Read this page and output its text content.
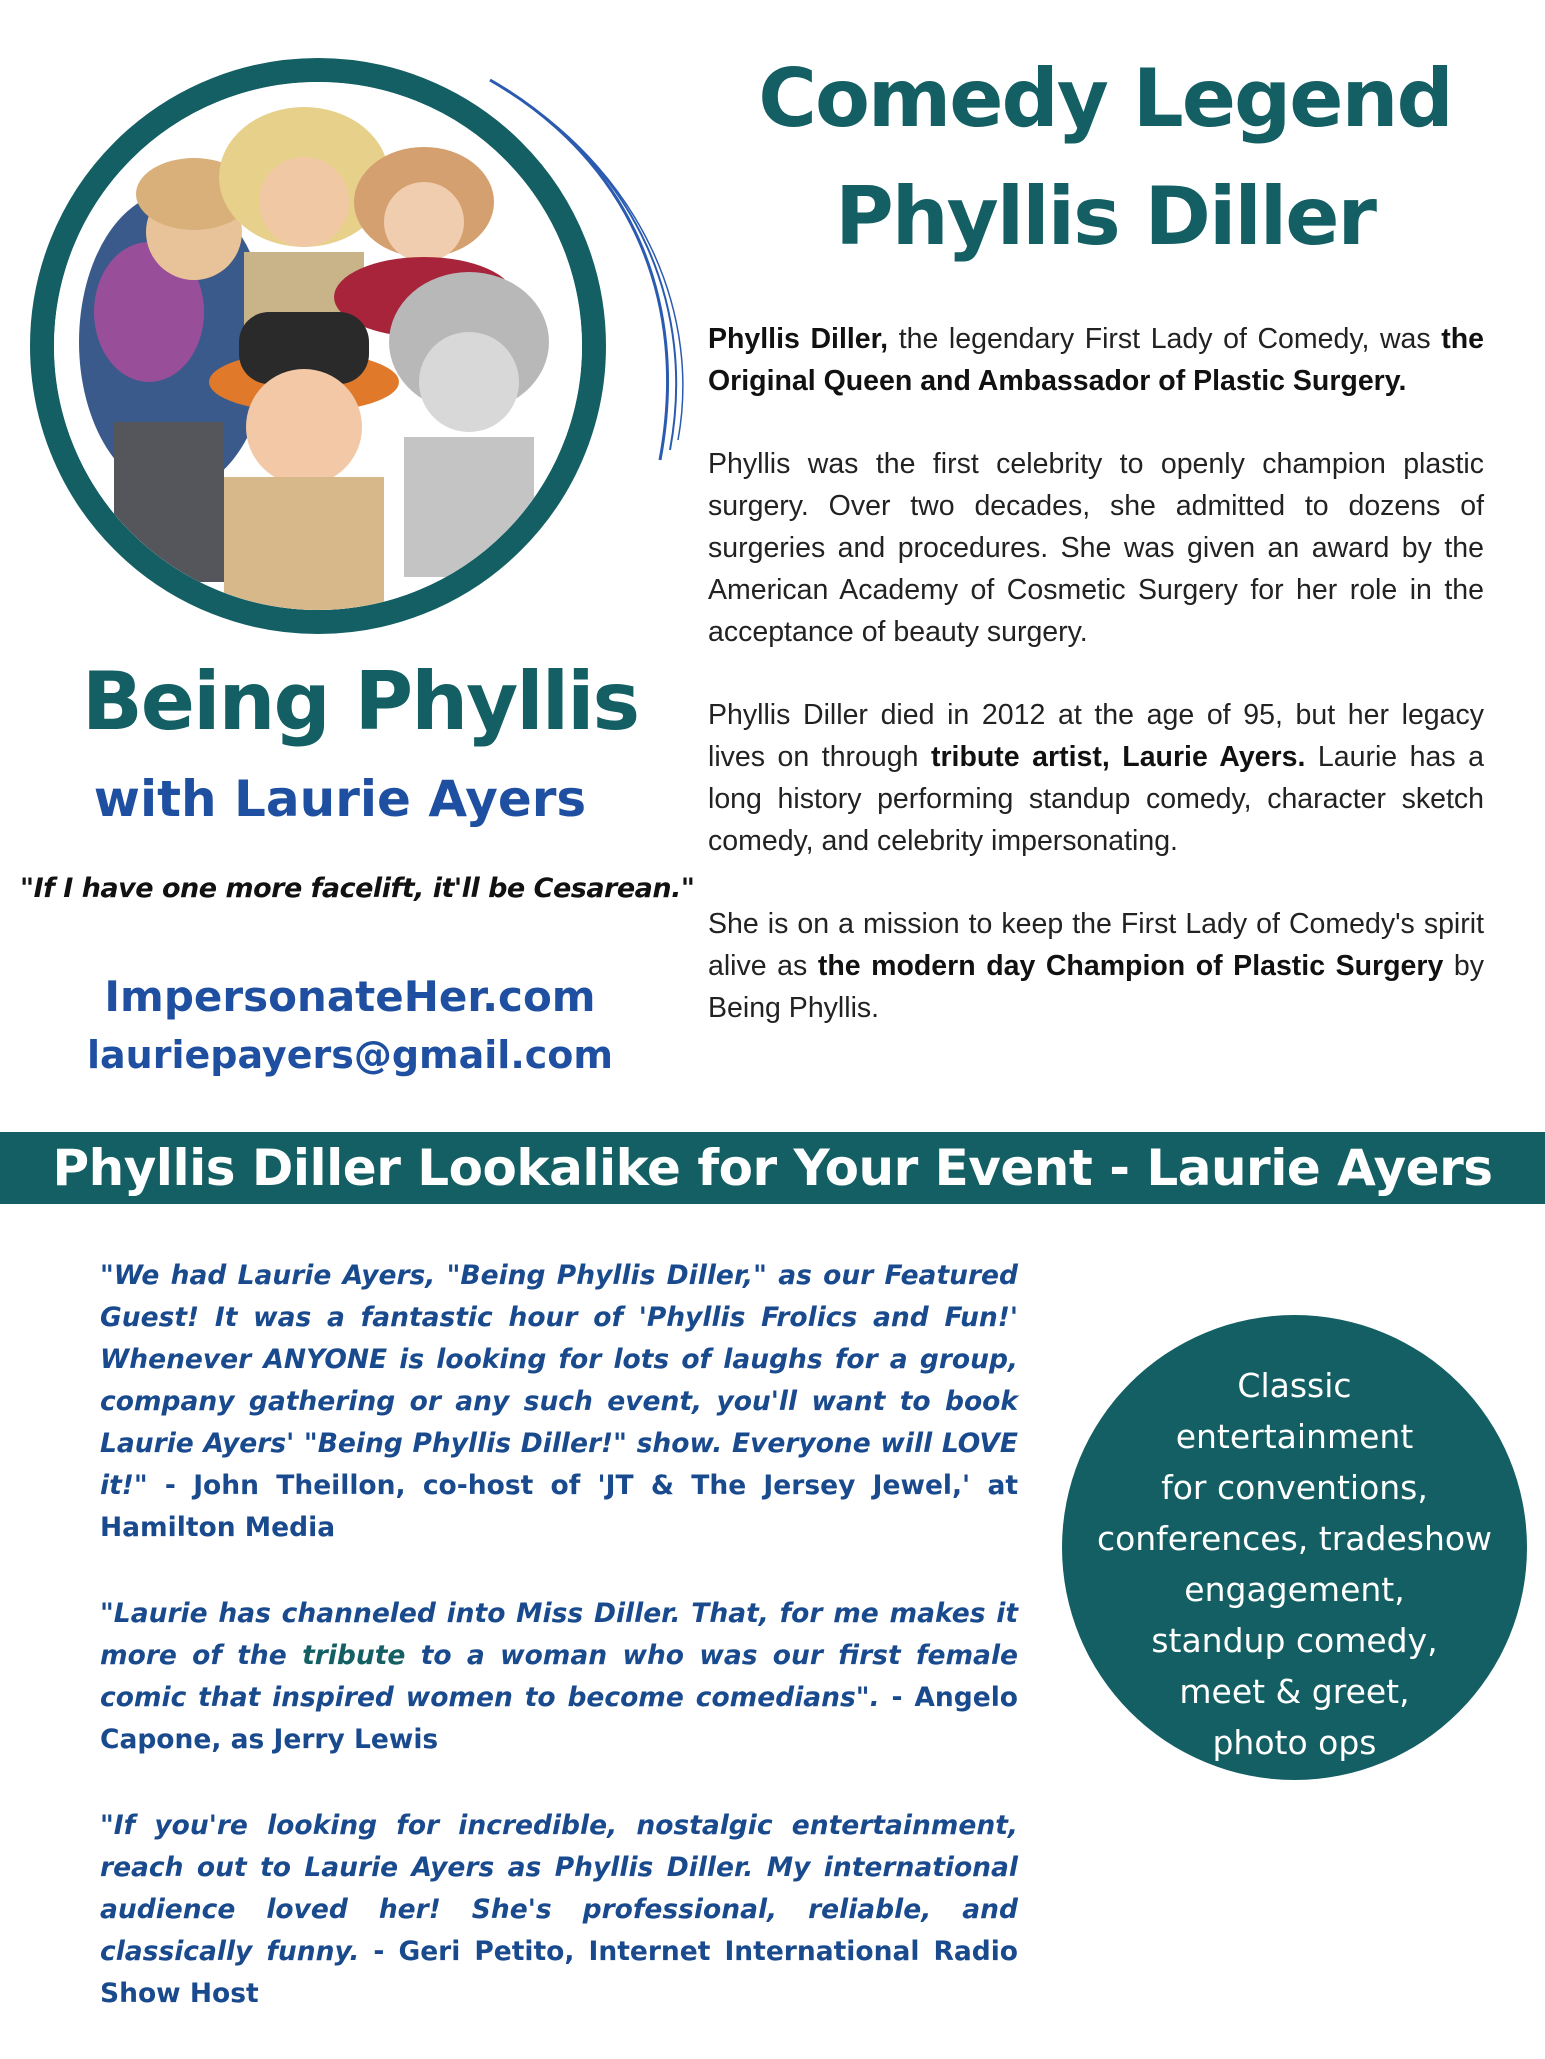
Comedy Legend
Phyllis Diller
Being Phyllis
with Laurie Ayers
"If I have one more facelift, it'll be Cesarean."
ImpersonateHer.com
lauriepayers@gmail.com

Phyllis Diller, the legendary First Lady of Comedy, was the Original Queen and Ambassador of Plastic Surgery.

Phyllis was the first celebrity to openly champion plastic surgery. Over two decades, she admitted to dozens of surgeries and procedures. She was given an award by the American Academy of Cosmetic Surgery for her role in the acceptance of beauty surgery.

Phyllis Diller died in 2012 at the age of 95, but her legacy lives on through tribute artist, Laurie Ayers. Laurie has a long history performing standup comedy, character sketch comedy, and celebrity impersonating.

She is on a mission to keep the First Lady of Comedy's spirit alive as the modern day Champion of Plastic Surgery by Being Phyllis.

Phyllis Diller Lookalike for Your Event - Laurie Ayers

"We had Laurie Ayers, "Being Phyllis Diller," as our Featured Guest! It was a fantastic hour of 'Phyllis Frolics and Fun!' Whenever ANYONE is looking for lots of laughs for a group, company gathering or any such event, you'll want to book Laurie Ayers' "Being Phyllis Diller!" show. Everyone will LOVE it!" - John Theillon, co-host of 'JT & The Jersey Jewel,' at Hamilton Media

"Laurie has channeled into Miss Diller. That, for me makes it more of the tribute to a woman who was our first female comic that inspired women to become comedians". - Angelo Capone, as Jerry Lewis

"If you're looking for incredible, nostalgic entertainment, reach out to Laurie Ayers as Phyllis Diller. My international audience loved her! She's professional, reliable, and classically funny. - Geri Petito, Internet International Radio Show Host

Classic
entertainment
for conventions,
conferences, tradeshow
engagement,
standup comedy,
meet & greet,
photo ops
